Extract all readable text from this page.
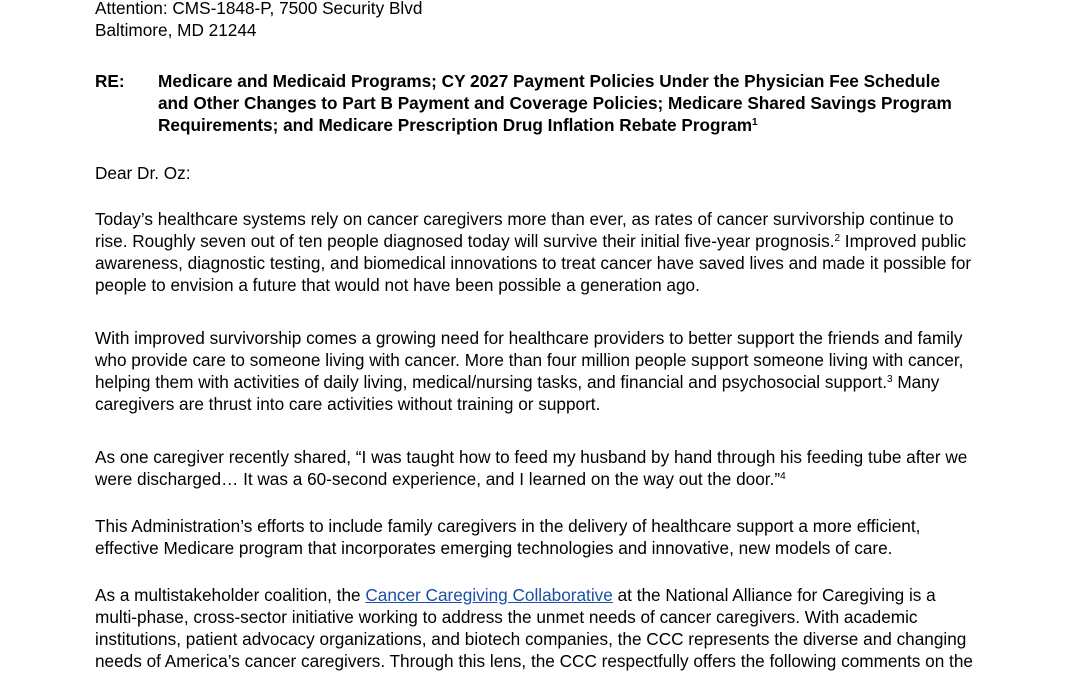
Attention: CMS-1848-P, 7500 Security Blvd
Baltimore, MD 21244
RE: Medicare and Medicaid Programs; CY 2027 Payment Policies Under the Physician Fee Schedule
and Other Changes to Part B Payment and Coverage Policies; Medicare Shared Savings Program
Requirements; and Medicare Prescription Drug Inflation Rebate Program$^1$
Dear Dr. Oz:
Today’s healthcare systems rely on cancer caregivers more than ever, as rates of cancer survivorship continue to
rise. Roughly seven out of ten people diagnosed today will survive their initial five-year prognosis.$^2$ Improved public
awareness, diagnostic testing, and biomedical innovations to treat cancer have saved lives and made it possible for
people to envision a future that would not have been possible a generation ago.
With improved survivorship comes a growing need for healthcare providers to better support the friends and family
who provide care to someone living with cancer. More than four million people support someone living with cancer,
helping them with activities of daily living, medical/nursing tasks, and financial and psychosocial support.$^3$ Many
caregivers are thrust into care activities without training or support.
As one caregiver recently shared, “I was taught how to feed my husband by hand through his feeding tube after we
were discharged… It was a 60-second experience, and I learned on the way out the door.”$^4$
This Administration’s efforts to include family caregivers in the delivery of healthcare support a more efficient,
effective Medicare program that incorporates emerging technologies and innovative, new models of care.
As a multistakeholder coalition, the Cancer Caregiving Collaborative at the National Alliance for Caregiving is a
multi-phase, cross-sector initiative working to address the unmet needs of cancer caregivers. With academic
institutions, patient advocacy organizations, and biotech companies, the CCC represents the diverse and changing
needs of America’s cancer caregivers. Through this lens, the CCC respectfully offers the following comments on the
